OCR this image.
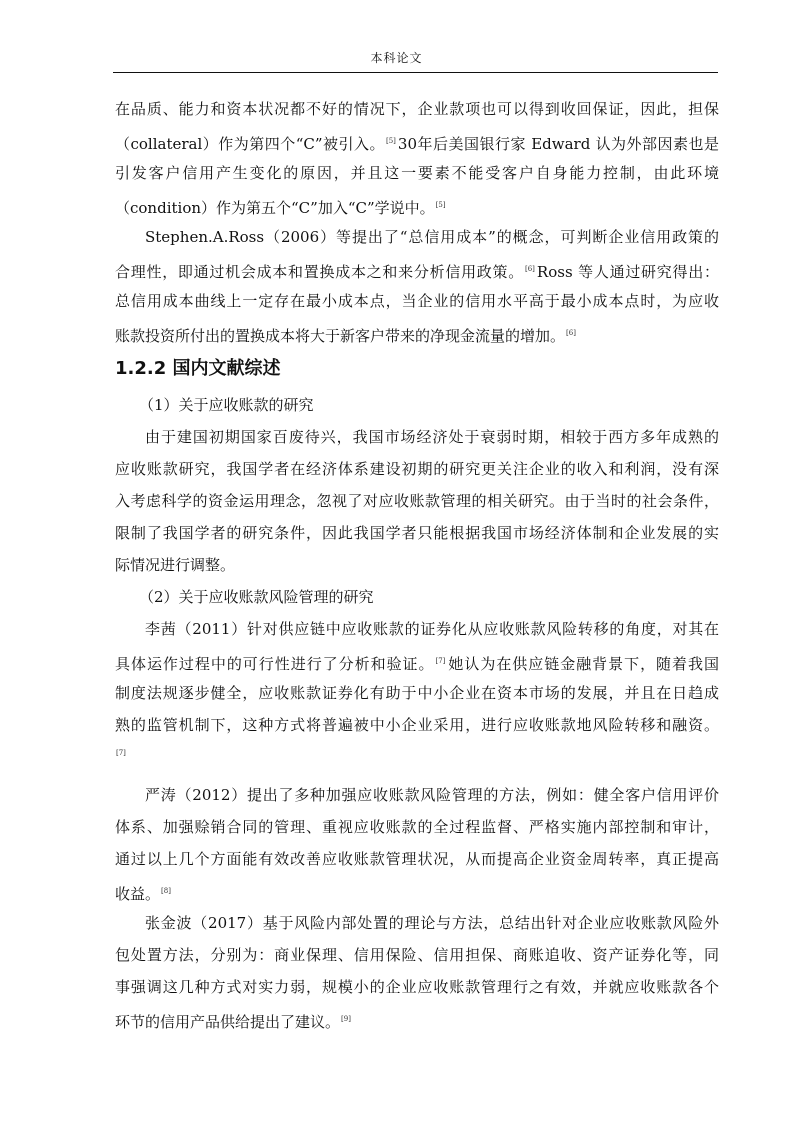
本科论文
在品质、能力和资本状况都不好的情况下，企业款项也可以得到收回保证，因此，担保
（collateral）作为第四个“C”被引入。[5] 30年后美国银行家 Edward 认为外部因素也是
引发客户信用产生变化的原因，并且这一要素不能受客户自身能力控制，由此环境
（condition）作为第五个“C”加入“C”学说中。[5]
Stephen.A.Ross（2006）等提出了“总信用成本”的概念，可判断企业信用政策的
合理性，即通过机会成本和置换成本之和来分析信用政策。[6] Ross 等人通过研究得出：
总信用成本曲线上一定存在最小成本点，当企业的信用水平高于最小成本点时，为应收
账款投资所付出的置换成本将大于新客户带来的净现金流量的增加。[6]
1.2.2 国内文献综述
（1）关于应收账款的研究
由于建国初期国家百废待兴，我国市场经济处于衰弱时期，相较于西方多年成熟的
应收账款研究，我国学者在经济体系建设初期的研究更关注企业的收入和利润，没有深
入考虑科学的资金运用理念，忽视了对应收账款管理的相关研究。由于当时的社会条件，
限制了我国学者的研究条件，因此我国学者只能根据我国市场经济体制和企业发展的实
际情况进行调整。
（2）关于应收账款风险管理的研究
李茜（2011）针对供应链中应收账款的证券化从应收账款风险转移的角度，对其在
具体运作过程中的可行性进行了分析和验证。[7] 她认为在供应链金融背景下，随着我国
制度法规逐步健全，应收账款证券化有助于中小企业在资本市场的发展，并且在日趋成
熟的监管机制下，这种方式将普遍被中小企业采用，进行应收账款地风险转移和融资。
[7]
严涛（2012）提出了多种加强应收账款风险管理的方法，例如：健全客户信用评价
体系、加强赊销合同的管理、重视应收账款的全过程监督、严格实施内部控制和审计，
通过以上几个方面能有效改善应收账款管理状况，从而提高企业资金周转率，真正提高
收益。[8]
张金波（2017）基于风险内部处置的理论与方法，总结出针对企业应收账款风险外
包处置方法，分别为：商业保理、信用保险、信用担保、商账追收、资产证券化等，同
事强调这几种方式对实力弱，规模小的企业应收账款管理行之有效，并就应收账款各个
环节的信用产品供给提出了建议。[9]
